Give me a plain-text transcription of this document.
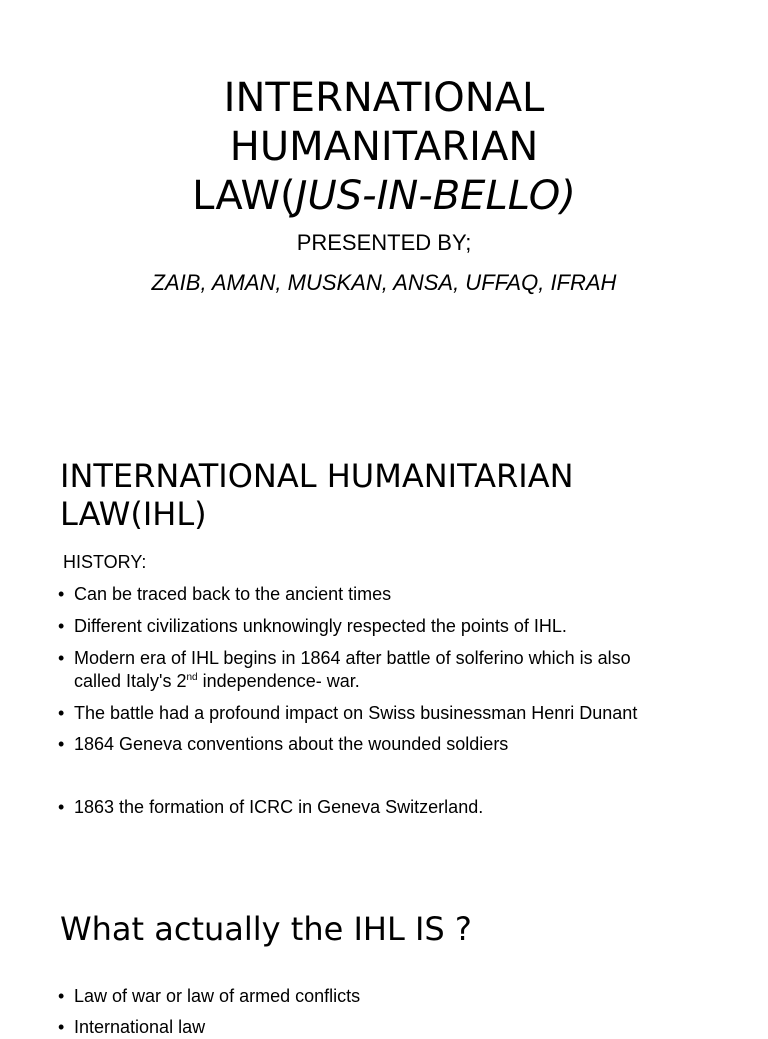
INTERNATIONAL
HUMANITARIAN
LAW(JUS-IN-BELLO)
PRESENTED BY;
ZAIB, AMAN, MUSKAN, ANSA, UFFAQ, IFRAH
INTERNATIONAL HUMANITARIAN
LAW(IHL)
HISTORY:
• Can be traced back to the ancient times
• Different civilizations unknowingly respected the points of IHL.
• Modern era of IHL begins in 1864 after battle of solferino which is also
called Italy's 2nd independence- war.
• The battle had a profound impact on Swiss businessman Henri Dunant
• 1864 Geneva conventions about the wounded soldiers
• 1863 the formation of ICRC in Geneva Switzerland.
What actually the IHL IS ?
• Law of war or law of armed conflicts
• International law
